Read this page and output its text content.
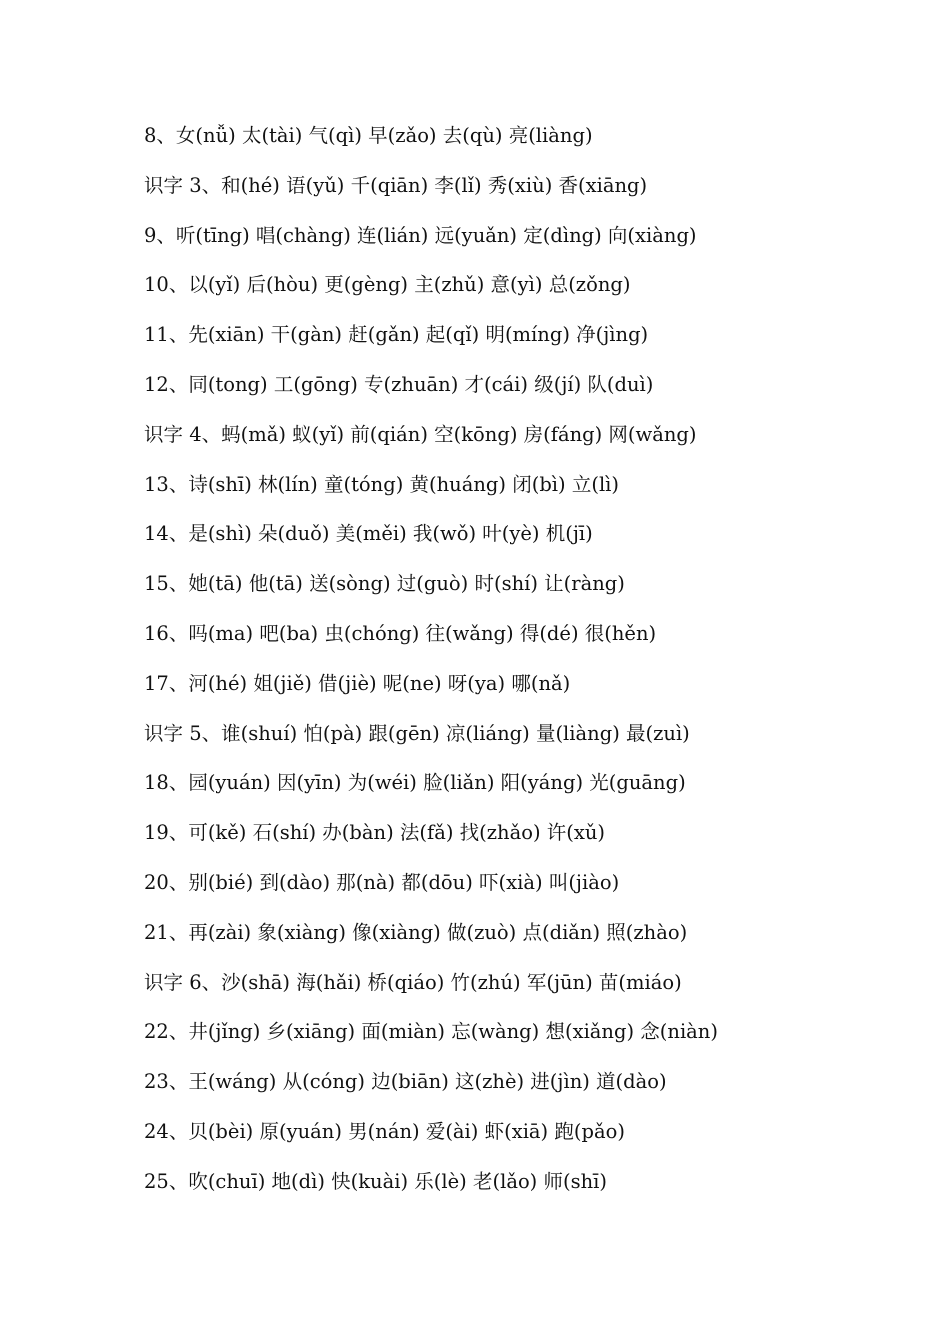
8、女(nǚ) 太(tài) 气(qì) 早(zǎo) 去(qù) 亮(liàng)
识字 3、和(hé) 语(yǔ) 千(qiān) 李(lǐ) 秀(xiù) 香(xiāng)
9、听(tīng) 唱(chàng) 连(lián) 远(yuǎn) 定(dìng) 向(xiàng)
10、以(yǐ) 后(hòu) 更(gèng) 主(zhǔ) 意(yì) 总(zǒng)
11、先(xiān) 干(gàn) 赶(gǎn) 起(qǐ) 明(míng) 净(jìng)
12、同(tong) 工(gōng) 专(zhuān) 才(cái) 级(jí) 队(duì)
识字 4、蚂(mǎ) 蚁(yǐ) 前(qián) 空(kōng) 房(fáng) 网(wǎng)
13、诗(shī) 林(lín) 童(tóng) 黄(huáng) 闭(bì) 立(lì)
14、是(shì) 朵(duǒ) 美(měi) 我(wǒ) 叶(yè) 机(jī)
15、她(tā) 他(tā) 送(sòng) 过(guò) 时(shí) 让(ràng)
16、吗(ma) 吧(ba) 虫(chóng) 往(wǎng) 得(dé) 很(hěn)
17、河(hé) 姐(jiě) 借(jiè) 呢(ne) 呀(ya) 哪(nǎ)
识字 5、谁(shuí) 怕(pà) 跟(gēn) 凉(liáng) 量(liàng) 最(zuì)
18、园(yuán) 因(yīn) 为(wéi) 脸(liǎn) 阳(yáng) 光(guāng)
19、可(kě) 石(shí) 办(bàn) 法(fǎ) 找(zhǎo) 许(xǔ)
20、别(bié) 到(dào) 那(nà) 都(dōu) 吓(xià) 叫(jiào)
21、再(zài) 象(xiàng) 像(xiàng) 做(zuò) 点(diǎn) 照(zhào)
识字 6、沙(shā) 海(hǎi) 桥(qiáo) 竹(zhú) 军(jūn) 苗(miáo)
22、井(jǐng) 乡(xiāng) 面(miàn) 忘(wàng) 想(xiǎng) 念(niàn)
23、王(wáng) 从(cóng) 边(biān) 这(zhè) 进(jìn) 道(dào)
24、贝(bèi) 原(yuán) 男(nán) 爱(ài) 虾(xiā) 跑(pǎo)
25、吹(chuī) 地(dì) 快(kuài) 乐(lè) 老(lǎo) 师(shī)
